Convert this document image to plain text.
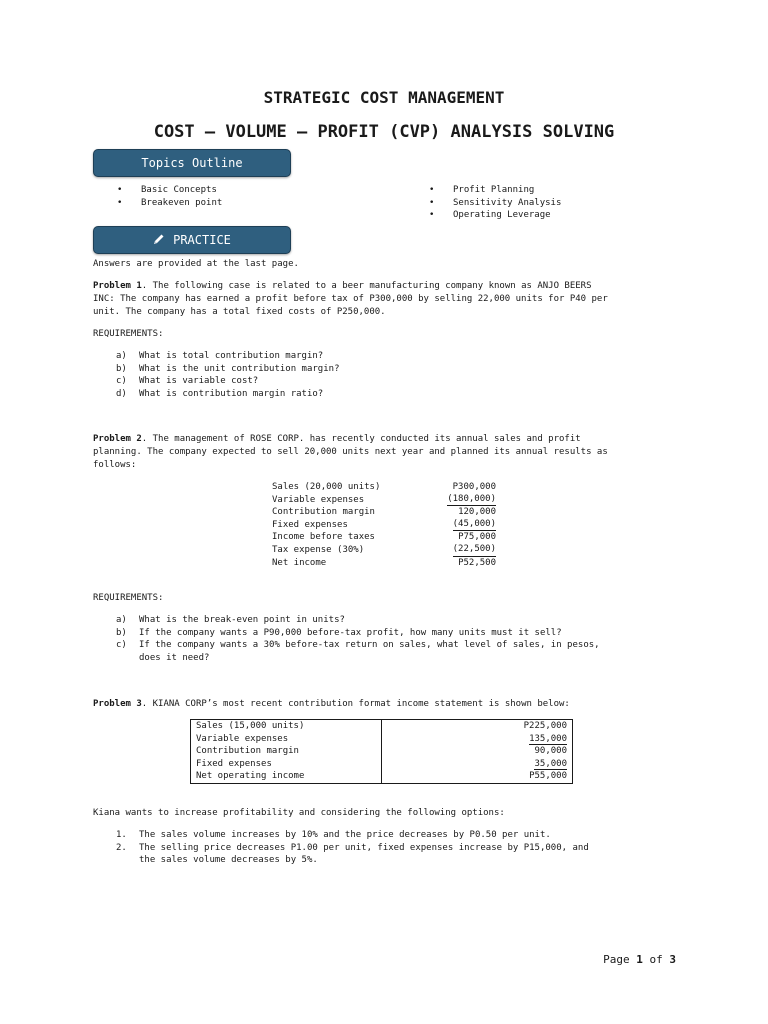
STRATEGIC COST MANAGEMENT
COST – VOLUME – PROFIT (CVP) ANALYSIS SOLVING
Topics Outline
• Basic Concepts
• Breakeven point
• Profit Planning
• Sensitivity Analysis
• Operating Leverage
PRACTICE
Answers are provided at the last page.
Problem 1. The following case is related to a beer manufacturing company known as ANJO BEERS
INC: The company has earned a profit before tax of P300,000 by selling 22,000 units for P40 per
unit. The company has a total fixed costs of P250,000.
REQUIREMENTS:
a) What is total contribution margin?
b) What is the unit contribution margin?
c) What is variable cost?
d) What is contribution margin ratio?
Problem 2. The management of ROSE CORP. has recently conducted its annual sales and profit
planning. The company expected to sell 20,000 units next year and planned its annual results as
follows:
Sales (20,000 units)	P300,000
Variable expenses	(180,000)
Contribution margin	120,000
Fixed expenses	(45,000)
Income before taxes	P75,000
Tax expense (30%)	(22,500)
Net income	P52,500
REQUIREMENTS:
a) What is the break-even point in units?
b) If the company wants a P90,000 before-tax profit, how many units must it sell?
c) If the company wants a 30% before-tax return on sales, what level of sales, in pesos,
does it need?
Problem 3. KIANA CORP’s most recent contribution format income statement is shown below:
Sales (15,000 units)	P225,000
Variable expenses	135,000
Contribution margin	90,000
Fixed expenses	35,000
Net operating income	P55,000
Kiana wants to increase profitability and considering the following options:
1. The sales volume increases by 10% and the price decreases by P0.50 per unit.
2. The selling price decreases P1.00 per unit, fixed expenses increase by P15,000, and
the sales volume decreases by 5%.
Page 1 of 3
